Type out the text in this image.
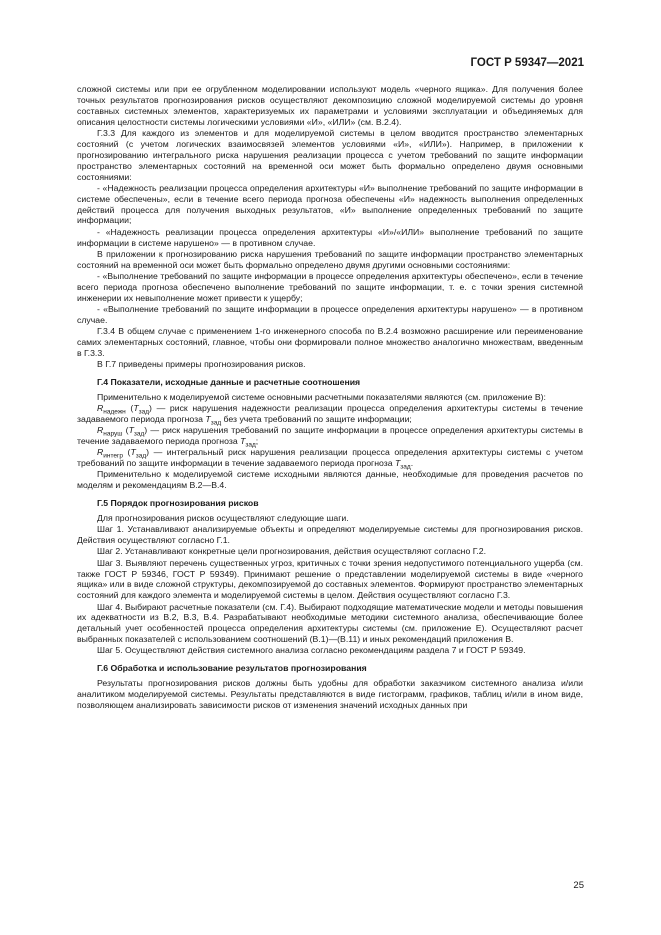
ГОСТ Р 59347—2021

сложной системы или при ее огрубленном моделировании используют модель «черного ящика». Для получения более точных результатов прогнозирования рисков осуществляют декомпозицию сложной моделируемой системы до уровня составных системных элементов, характеризуемых их параметрами и условиями эксплуатации и объединяемых для описания целостности системы логическими условиями «И», «ИЛИ» (см. В.2.4).

Г.3.3 Для каждого из элементов и для моделируемой системы в целом вводится пространство элементарных состояний (с учетом логических взаимосвязей элементов условиями «И», «ИЛИ»). Например, в приложении к прогнозированию интегрального риска нарушения реализации процесса с учетом требований по защите информации пространство элементарных состояний на временной оси может быть формально определено двумя основными состояниями:

- «Надежность реализации процесса определения архитектуры «И» выполнение требований по защите информации в системе обеспечены», если в течение всего периода прогноза обеспечены «И» надежность выполнения определенных действий процесса для получения выходных результатов, «И» выполнение определенных требований по защите информации;

- «Надежность реализации процесса определения архитектуры «И»/«ИЛИ» выполнение требований по защите информации в системе нарушено» — в противном случае.

В приложении к прогнозированию риска нарушения требований по защите информации пространство элементарных состояний на временной оси может быть формально определено двумя другими основными состояниями:

- «Выполнение требований по защите информации в процессе определения архитектуры обеспечено», если в течение всего периода прогноза обеспечено выполнение требований по защите информации, т. е. с точки зрения системной инженерии их невыполнение может привести к ущербу;

- «Выполнение требований по защите информации в процессе определения архитектуры нарушено» — в противном случае.

Г.3.4 В общем случае с применением 1-го инженерного способа по В.2.4 возможно расширение или переименование самих элементарных состояний, главное, чтобы они формировали полное множество аналогично множествам, введенным в Г.3.3.

В Г.7 приведены примеры прогнозирования рисков.

Г.4 Показатели, исходные данные и расчетные соотношения

Применительно к моделируемой системе основными расчетными показателями являются (см. приложение В):

$R_{надежн}$ $(T_{зад})$ — риск нарушения надежности реализации процесса определения архитектуры системы в течение задаваемого периода прогноза $T_{зад}$ без учета требований по защите информации;

$R_{наруш}$ $(T_{зад})$ — риск нарушения требований по защите информации в процессе определения архитектуры системы в течение задаваемого периода прогноза $T_{зад}$;

$R_{интегр}$ $(T_{зад})$ — интегральный риск нарушения реализации процесса определения архитектуры системы с учетом требований по защите информации в течение задаваемого периода прогноза $T_{зад}$.

Применительно к моделируемой системе исходными являются данные, необходимые для проведения расчетов по моделям и рекомендациям В.2—В.4.

Г.5 Порядок прогнозирования рисков

Для прогнозирования рисков осуществляют следующие шаги.

Шаг 1. Устанавливают анализируемые объекты и определяют моделируемые системы для прогнозирования рисков. Действия осуществляют согласно Г.1.

Шаг 2. Устанавливают конкретные цели прогнозирования, действия осуществляют согласно Г.2.

Шаг 3. Выявляют перечень существенных угроз, критичных с точки зрения недопустимого потенциального ущерба (см. также ГОСТ Р 59346, ГОСТ Р 59349). Принимают решение о представлении моделируемой системы в виде «черного ящика» или в виде сложной структуры, декомпозируемой до составных элементов. Формируют пространство элементарных состояний для каждого элемента и моделируемой системы в целом. Действия осуществляют согласно Г.3.

Шаг 4. Выбирают расчетные показатели (см. Г.4). Выбирают подходящие математические модели и методы повышения их адекватности из В.2, В.3, В.4. Разрабатывают необходимые методики системного анализа, обеспечивающие более детальный учет особенностей процесса определения архитектуры системы (см. приложение Е). Осуществляют расчет выбранных показателей с использованием соотношений (В.1)—(В.11) и иных рекомендаций приложения В.

Шаг 5. Осуществляют действия системного анализа согласно рекомендациям раздела 7 и ГОСТ Р 59349.

Г.6 Обработка и использование результатов прогнозирования

Результаты прогнозирования рисков должны быть удобны для обработки заказчиком системного анализа и/или аналитиком моделируемой системы. Результаты представляются в виде гистограмм, графиков, таблиц и/или в ином виде, позволяющем анализировать зависимости рисков от изменения значений исходных данных при

25
